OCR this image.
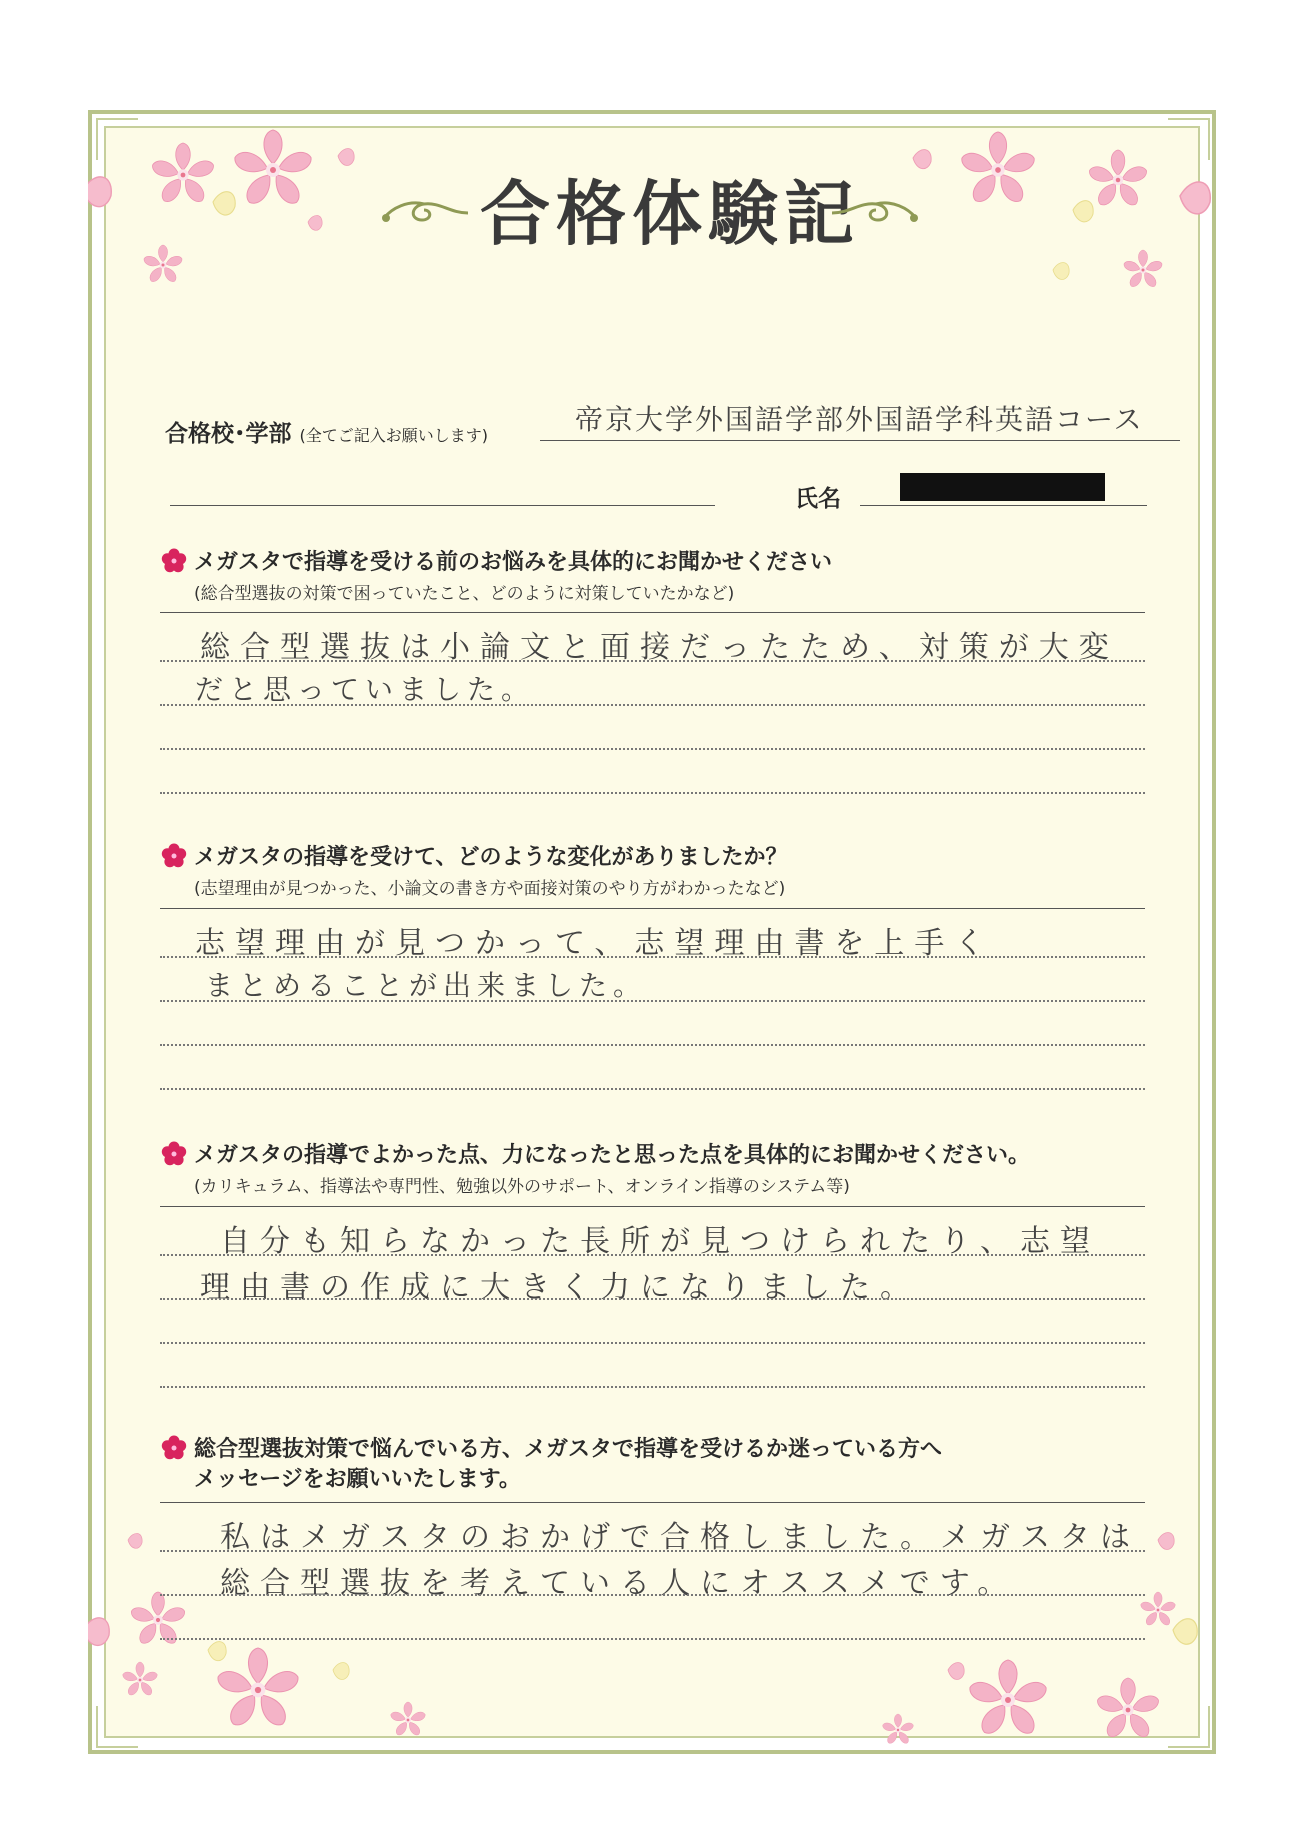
合格体験記
合格校･学部 (全てご記入お願いします)	帝京大学外国語学部外国語学科英語コース
氏名
メガスタで指導を受ける前のお悩みを具体的にお聞かせください
(総合型選抜の対策で困っていたこと、どのように対策していたかなど)
総合型選抜は小論文と面接だったため、対策が大変
だと思っていました。
メガスタの指導を受けて、どのような変化がありましたか？
(志望理由が見つかった、小論文の書き方や面接対策のやり方がわかったなど)
志望理由が見つかって、志望理由書を上手く
まとめることが出来ました。
メガスタの指導でよかった点、力になったと思った点を具体的にお聞かせください。
(カリキュラム、指導法や専門性、勉強以外のサポート、オンライン指導のシステム等)
自分も知らなかった長所が見つけられたり、志望
理由書の作成に大きく力になりました。
総合型選抜対策で悩んでいる方、メガスタで指導を受けるか迷っている方へ
メッセージをお願いいたします。
私はメガスタのおかげで合格しました。メガスタは
総合型選抜を考えている人にオススメです。
